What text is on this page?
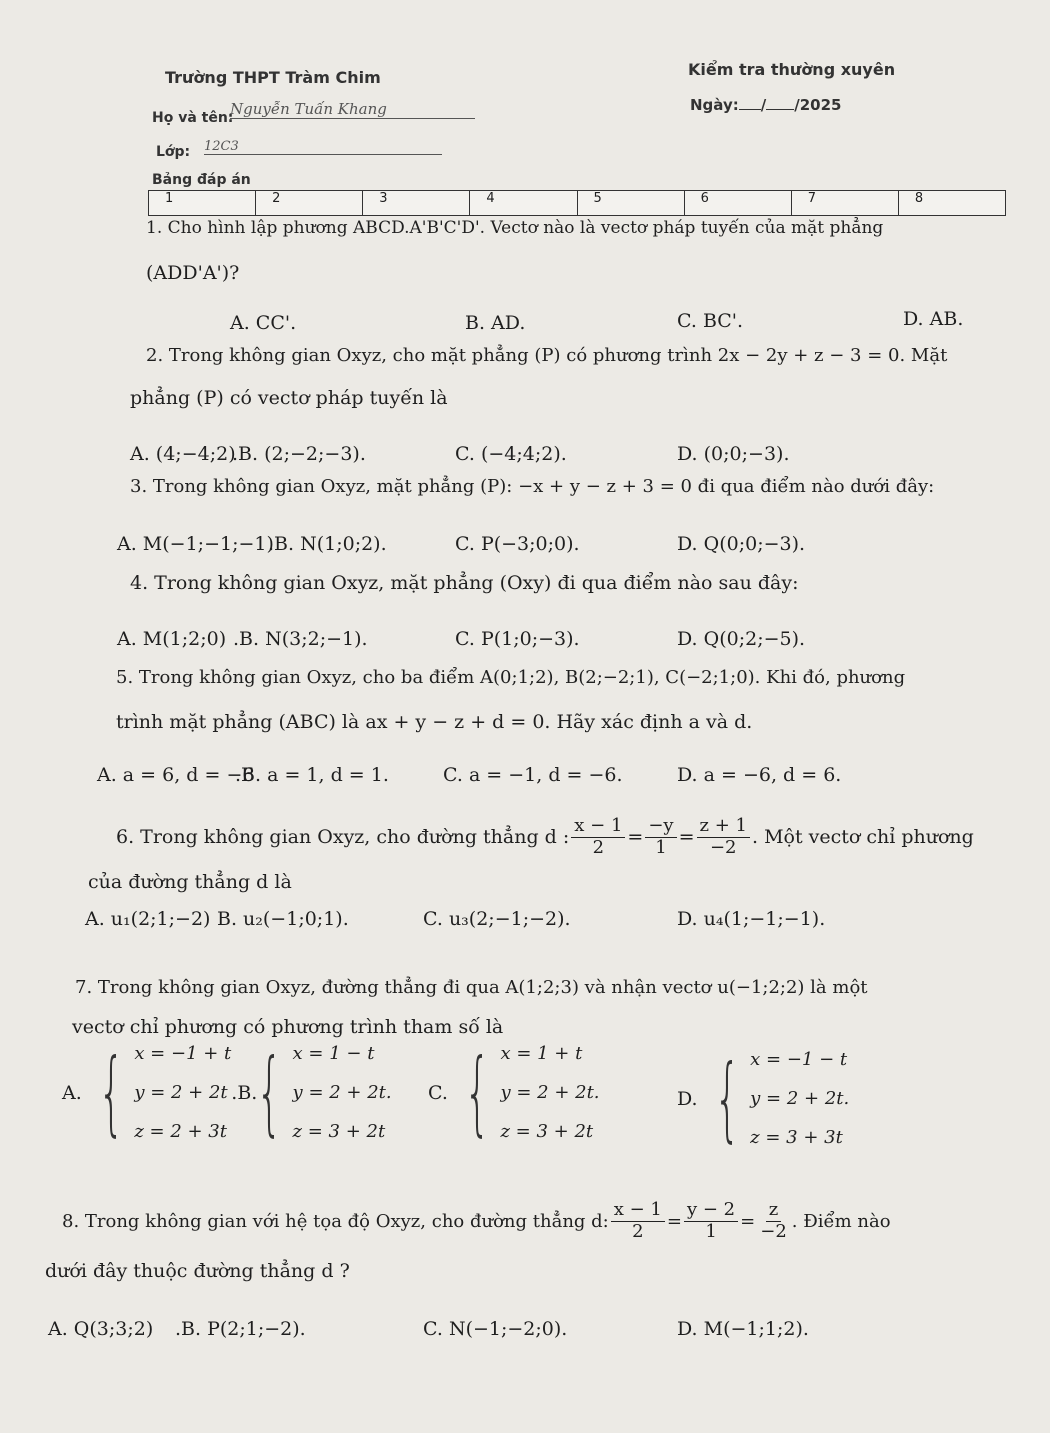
Trường THPT Tràm Chim	Kiểm tra thường xuyên
Họ và tên:
Nguyễn Tuấn Khang	Ngày: / /2025
Lớp: 12C3
Bảng đáp án
1	2	3	4	5	6	7	8
1. Cho hình lập phương ABCD.A'B'C'D'. Vectơ nào là vectơ pháp tuyến của mặt phẳng
(ADD'A')?
A. CC'.	B. AD.	C. BC'.	D. AB.
2. Trong không gian Oxyz, cho mặt phẳng (P) có phương trình 2x − 2y + z − 3 = 0. Mặt
phẳng (P) có vectơ pháp tuyến là
A. (4;−4;2)
.B. (2;−2;−3).	C. (−4;4;2).	D. (0;0;−3).
3. Trong không gian Oxyz, mặt phẳng (P): −x + y − z + 3 = 0 đi qua điểm nào dưới đây:
A. M(−1;−1;−1)
.B. N(1;0;2).	C. P(−3;0;0).	D. Q(0;0;−3).
4. Trong không gian Oxyz, mặt phẳng (Oxy) đi qua điểm nào sau đây:
A. M(1;2;0) .B. N(3;2;−1).	C. P(1;0;−3).	D. Q(0;2;−5).
5. Trong không gian Oxyz, cho ba điểm A(0;1;2), B(2;−2;1), C(−2;1;0). Khi đó, phương
trình mặt phẳng (ABC) là ax + y − z + d = 0. Hãy xác định a và d.
A. a = 6, d = −6
.B. a = 1, d = 1.	C. a = −1, d = −6.	D. a = −6, d = 6.
6. Trong không gian Oxyz, cho đường thẳng d : $\frac{x - 1}{2} = \frac{-y}{1} = \frac{z + 1}{-2}$ . Một vectơ chỉ phương
của đường thẳng d là
A. u₁(2;1;−2) B. u₂(−1;0;1).	C. u₃(2;−1;−2).	D. u₄(1;−1;−1).
7. Trong không gian Oxyz, đường thẳng đi qua A(1;2;3) và nhận vectơ u(−1;2;2) là một
vectơ chỉ phương có phương trình tham số là
A. { x = −1 + t
y = 2 + 2t
z = 2 + 3t
.B.
{ x = 1 − t
y = 2 + 2t.
z = 3 + 2t
C. { x = 1 + t
y = 2 + 2t.
z = 3 + 2t
D. { x = −1 − t
y = 2 + 2t.
z = 3 + 3t
8. Trong không gian với hệ tọa độ Oxyz, cho đường thẳng d: $\frac{x - 1}{2} = \frac{y - 2}{1} = \frac{z}{-2}$ . Điểm nào
dưới đây thuộc đường thẳng d ?
A. Q(3;3;2) .B. P(2;1;−2).	C. N(−1;−2;0).	D. M(−1;1;2).
